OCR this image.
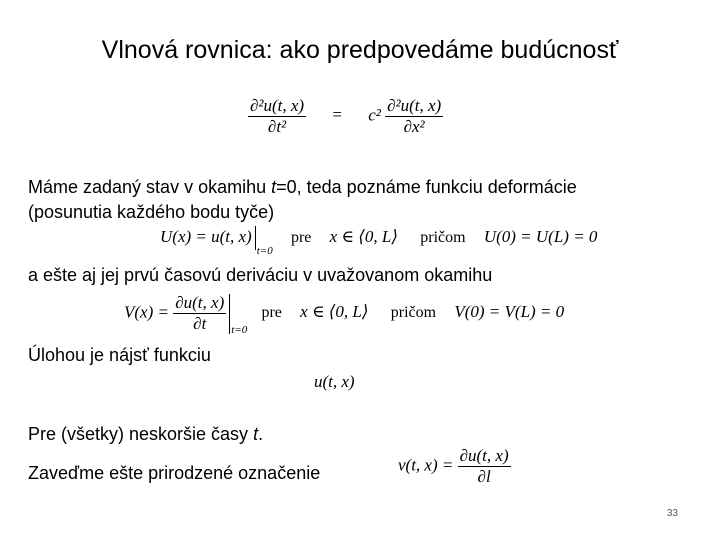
Vlnová rovnica: ako predpovedáme budúcnosť
$\frac{\text{∂²u(t, x)}}{\text{∂t²}} = c^2 \frac{\text{∂²u(t, x)}}{\text{∂x²}}$
Máme zadaný stav v okamihu t=0, teda poznáme funkciu deformácie
(posunutia každého bodu tyče)
U(x) = u(t, $x)_{t=0}$ pre x ∈ ⟨0, L⟩ pričom U(0) = U(L) = 0
a ešte aj jej prvú časovú deriváciu v uvažovanom okamihu
$V(x) = \frac{\partial u(t, x)}{\partial t} _{t=0}$ pre x ∈ ⟨0, L⟩ pričom V(0) = V(L) = 0
Úlohou je nájsť funkciu
u(t, x)
Pre (všetky) neskoršie časy t.
Zaveďme ešte prirodzené označenie	v(t, $x) = \frac{\partial u(t, x)}{\partial l}$
33
